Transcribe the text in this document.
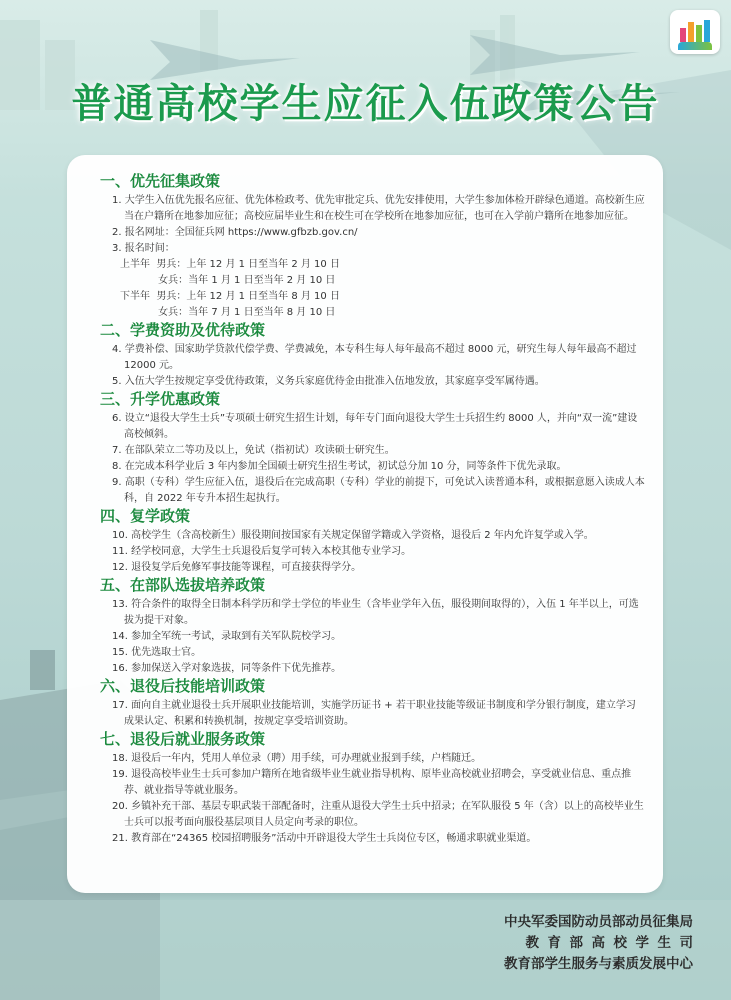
普通高校学生应征入伍政策公告
一、优先征集政策
1. 大学生入伍优先报名应征、优先体检政考、优先审批定兵、优先安排使用，大学生参加体检开辟绿色通道。高校新生应当在户籍所在地参加应征；高校应届毕业生和在校生可在学校所在地参加应征，也可在入学前户籍所在地参加应征。
2. 报名网址：全国征兵网 https://www.gfbzb.gov.cn/
3. 报名时间：
上半年  男兵：上年 12 月 1 日至当年 2 月 10 日
女兵：当年 1 月 1 日至当年 2 月 10 日
下半年  男兵：上年 12 月 1 日至当年 8 月 10 日
女兵：当年 7 月 1 日至当年 8 月 10 日
二、学费资助及优待政策
4. 学费补偿、国家助学贷款代偿学费、学费减免，本专科生每人每年最高不超过 8000 元，研究生每人每年最高不超过 12000 元。
5. 入伍大学生按规定享受优待政策，义务兵家庭优待金由批准入伍地发放，其家庭享受军属待遇。
三、升学优惠政策
6. 设立“退役大学生士兵”专项硕士研究生招生计划，每年专门面向退役大学生士兵招生约 8000 人，并向“双一流”建设高校倾斜。
7. 在部队荣立二等功及以上，免试（指初试）攻读硕士研究生。
8. 在完成本科学业后 3 年内参加全国硕士研究生招生考试，初试总分加 10 分，同等条件下优先录取。
9. 高职（专科）学生应征入伍，退役后在完成高职（专科）学业的前提下，可免试入读普通本科，或根据意愿入读成人本科，自 2022 年专升本招生起执行。
四、复学政策
10. 高校学生（含高校新生）服役期间按国家有关规定保留学籍或入学资格，退役后 2 年内允许复学或入学。
11. 经学校同意，大学生士兵退役后复学可转入本校其他专业学习。
12. 退役复学后免修军事技能等课程，可直接获得学分。
五、在部队选拔培养政策
13. 符合条件的取得全日制本科学历和学士学位的毕业生（含毕业学年入伍，服役期间取得的），入伍 1 年半以上，可选拔为提干对象。
14. 参加全军统一考试，录取到有关军队院校学习。
15. 优先选取士官。
16. 参加保送入学对象选拔，同等条件下优先推荐。
六、退役后技能培训政策
17. 面向自主就业退役士兵开展职业技能培训，实施学历证书 + 若干职业技能等级证书制度和学分银行制度，建立学习成果认定、积累和转换机制，按规定享受培训资助。
七、退役后就业服务政策
18. 退役后一年内，凭用人单位录（聘）用手续，可办理就业报到手续，户档随迁。
19. 退役高校毕业生士兵可参加户籍所在地省级毕业生就业指导机构、原毕业高校就业招聘会，享受就业信息、重点推荐、就业指导等就业服务。
20. 乡镇补充干部、基层专职武装干部配备时，注重从退役大学生士兵中招录；在军队服役 5 年（含）以上的高校毕业生士兵可以报考面向服役基层项目人员定向考录的职位。
21. 教育部在“24365 校园招聘服务”活动中开辟退役大学生士兵岗位专区，畅通求职就业渠道。
中央军委国防动员部动员征集局
教育部高校学生司
教育部学生服务与素质发展中心
